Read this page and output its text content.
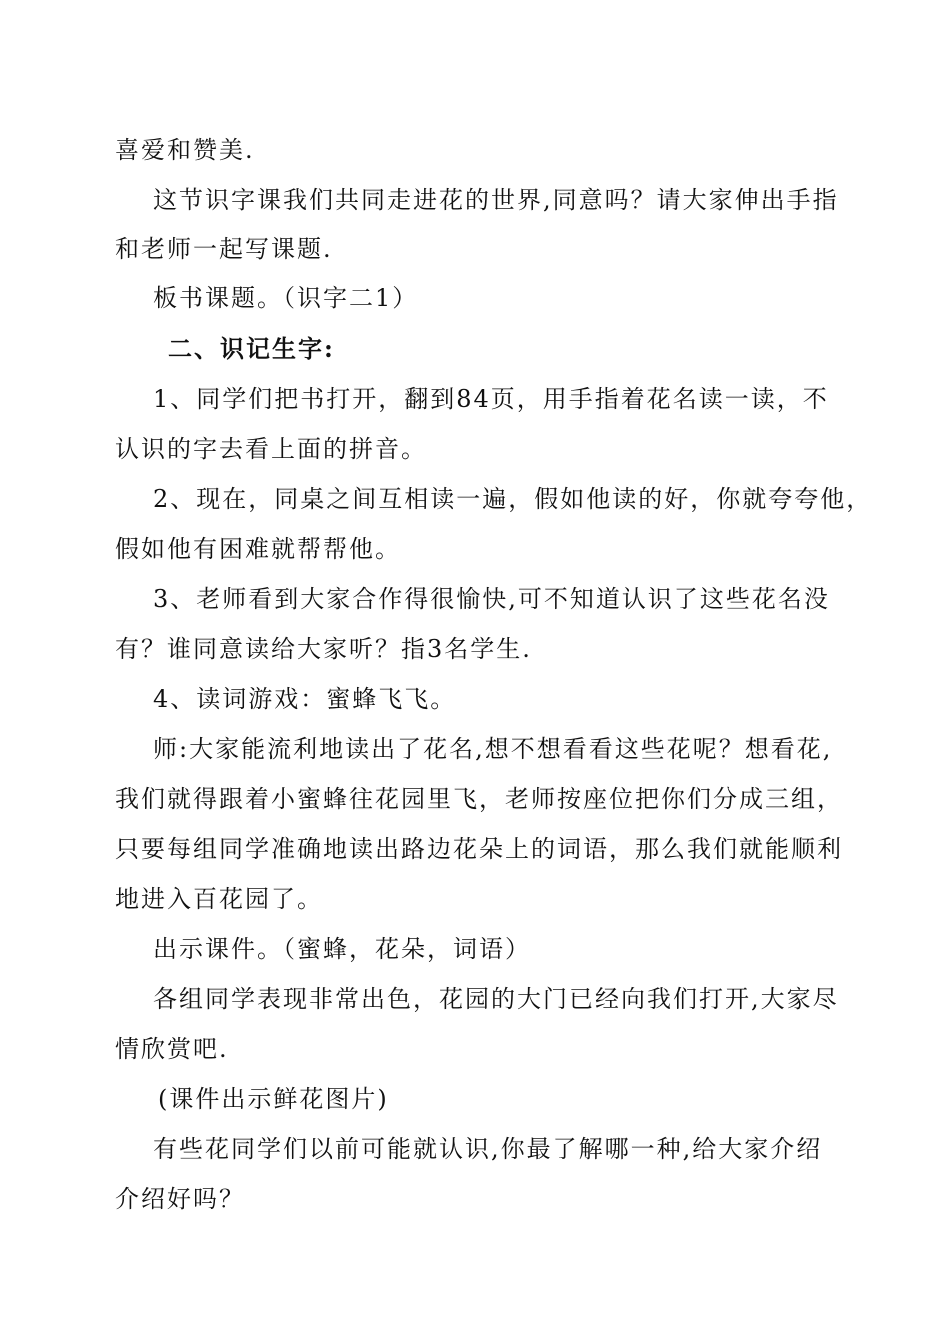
喜爱和赞美.
这节识字课我们共同走进花的世界,同意吗？请大家伸出手指
和老师一起写课题.
板书课题。（识字二1）
二、识记生字:
1、同学们把书打开，翻到84页，用手指着花名读一读，不
认识的字去看上面的拼音。
2、现在，同桌之间互相读一遍，假如他读的好，你就夸夸他，
假如他有困难就帮帮他。
3、老师看到大家合作得很愉快,可不知道认识了这些花名没
有？谁同意读给大家听？指3名学生.
4、读词游戏：蜜蜂飞飞。
师:大家能流利地读出了花名,想不想看看这些花呢？想看花,
我们就得跟着小蜜蜂往花园里飞，老师按座位把你们分成三组，
只要每组同学准确地读出路边花朵上的词语，那么我们就能顺利
地进入百花园了。
出示课件。（蜜蜂，花朵，词语）
各组同学表现非常出色，花园的大门已经向我们打开,大家尽
情欣赏吧.
(课件出示鲜花图片)
有些花同学们以前可能就认识,你最了解哪一种,给大家介绍
介绍好吗？
